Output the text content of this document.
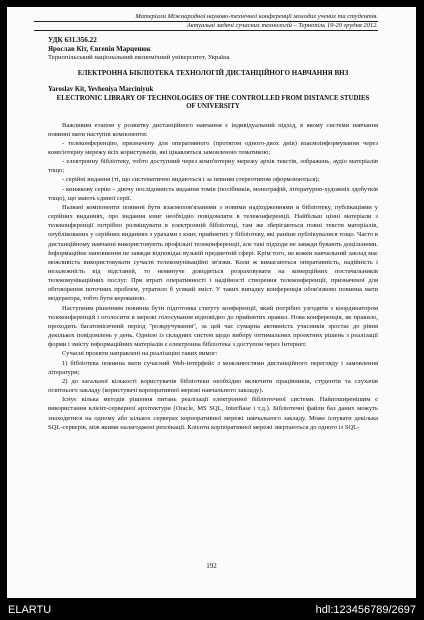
Матеріали Міжнародної науково-технічної конференції молодих учених та студентів.
Актуальні задачі сучасних технологій – Тернопіль 19-20 грудня 2012.
УДК 631.356.22
Ярослав Кіт, Євгенія Марценюк
Тернопільський національний економічний університет, Україна
ЕЛЕКТРОННА БІБЛІОТЕКА ТЕХНОЛОГІЙ ДИСТАНЦІЙНОГО НАВЧАННЯ ВНЗ
Yaroslav Kit, Yevheniya Marciniyuk
ELECTRONIC LIBRARY OF TECHNOLOGIES OF THE CONTROLLED FROM DISTANCE STUDIES OF UNIVERSITY

Важливим етапом у розвитку дистанційного навчання є індивідуальний підхід, в якому системи навчання повинні мати наступні компоненти:

- телеконференцію, призначену для оперативного (протягом одного-двох днів) взаємоінформування через комп'ютерну мережу всіх користувачів, які цікавляться замовленою тематикою;

- електронну бібліотеку, тобто доступний через комп'ютерну мережу архів текстів, зображень, аудіо матеріалів тощо;

- серійні видання (ті, що систематично видаються і за певним стереотипом оформлюються);

- книжкову серію – діючу послідовність видання томів (посібників, монографій, літературно-художніх здобутків тощо), що мають єдиної серії.

Названі компоненти повинні бути взаємопов'язаними з новими надходженнями в бібліотеку, публікаціями у серійних виданнях, про видання книг необхідно повідомляти в телеконференції. Найбільш цінні матеріали з телеконференції потрібно розміщувати в електронній бібліотеці, там же зберігаються повні тексти матеріалів, опублікованих у серійних виданнях з урахами з книг, прийнятих у бібліотеку, які раніше публікувалися тощо. Часто в дистанційному навчанні використовують профільні телеконференції, але такі підходи не завжди бувають доцільними. Інформаційне наповнення не завжди відповідає вузькій предметній сфері. Крім того, не кожен навчальний заклад має можливість використовувати сучасні телекомунікаційні зв'язки. Коли ж вимагаються оперативність, надійність і незалежність від відстаней, то неминуче доводиться розраховувати на комерційних постачальників телекомунікаційних послуг. При втраті оперативності і надійності створення телеконференції, призначеної для обговорення поточних проблем, утратило б усякий зміст. У таких випадку конференція обов'язково повинна мати модератора, тобто бути керованою.

Наступним рішенням повинна бути підготовка статуту конференції, який потрібно узгодити з координатором телеконференцій і оголосити в мережі голосування відповідно до прийнятих правил. Нова конференція, як правило, проходить багатомісячний період "розкручування", за цей час сумарна активність учасників зростає до рівня декількох повідомлень у день. Однією із складних систем щодо вибору оптимальних проектних рішень з реалізації форми і змісту інформаційних матеріалів є електронна бібліотека з доступом через Інтернет.

Сучасні проекти направлені на реалізацію таких вимог:

1) бібліотека повинна мати сучасний Web-інтерфейс з можливостями дистанційного перегляду і замовлення літератури;

2) до загальної кількості користувачів бібліотеки необхідно включити працівників, студентів та слухачів освітнього закладу (користувачі корпоративної мережі навчального закладу).

Існує кілька методів рішення питань реалізації електронної бібліотечної системи. Найпоширенішим є використання клієнт-серверної архітектури (Oracle, MS SQL, InterBase і т.д.). Бібліотечні файли баз даних можуть знаходитися на одному або кількох серверах корпоративної мережі навчального закладу. Може існувати декілька SQL-серверів, між якими налагоджені реплікації. Клієнти корпоративної мережі звертаються до одного із SQL-

192
ELARTU	hdl:123456789/2697
